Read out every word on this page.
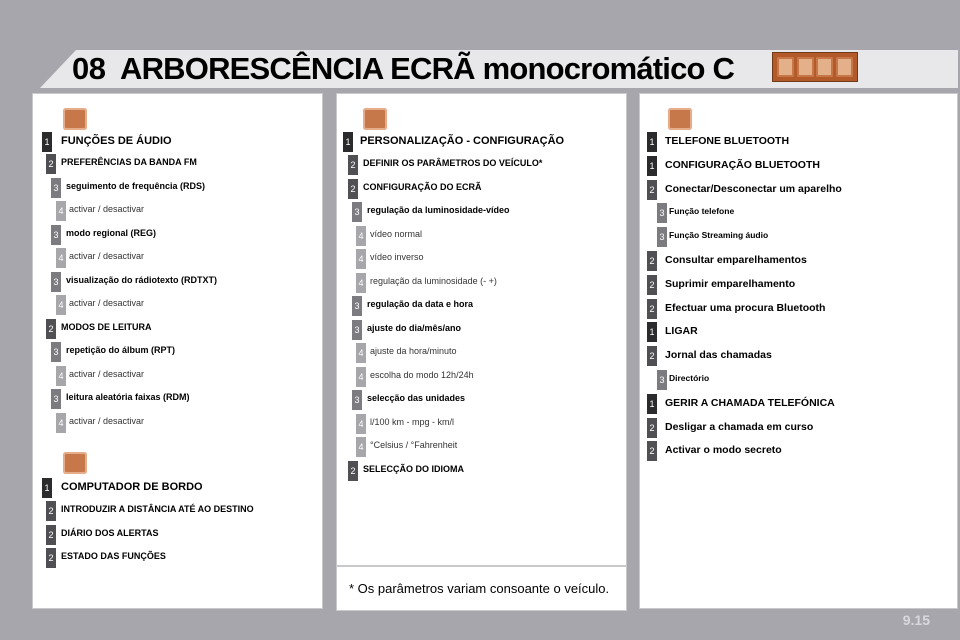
08 ARBORESCÊNCIA ECRÃ monocromático C
1 FUNÇÕES DE ÁUDIO
2 PREFERÊNCIAS DA BANDA FM
3 seguimento de frequência (RDS)
4 activar / desactivar
3 modo regional (REG)
4 activar / desactivar
3 visualização do rádiotexto (RDTXT)
4 activar / desactivar
2 MODOS DE LEITURA
3 repetição do álbum (RPT)
4 activar / desactivar
3 leitura aleatória faixas (RDM)
4 activar / desactivar
1 COMPUTADOR DE BORDO
2 INTRODUZIR A DISTÂNCIA ATÉ AO DESTINO
2 DIÁRIO DOS ALERTAS
2 ESTADO DAS FUNÇÕES
1 PERSONALIZAÇÃO - CONFIGURAÇÃO
2 DEFINIR OS PARÂMETROS DO VEÍCULO*
2 CONFIGURAÇÃO DO ECRÃ
3 regulação da luminosidade-vídeo
4 vídeo normal
4 vídeo inverso
4 regulação da luminosidade (- +)
3 regulação da data e hora
3 ajuste do dia/mês/ano
4 ajuste da hora/minuto
4 escolha do modo 12h/24h
3 selecção das unidades
4 l/100 km - mpg - km/l
4 °Celsius / °Fahrenheit
2 SELECÇÃO DO IDIOMA
* Os parâmetros variam consoante o veículo.
1 TELEFONE BLUETOOTH
1 CONFIGURAÇÃO BLUETOOTH
2 Conectar/Desconectar um aparelho
3 Função telefone
3 Função Streaming áudio
2 Consultar emparelhamentos
2 Suprimir emparelhamento
2 Efectuar uma procura Bluetooth
1 LIGAR
2 Jornal das chamadas
3 Directório
1 GERIR A CHAMADA TELEFÓNICA
2 Desligar a chamada em curso
2 Activar o modo secreto
9.15
